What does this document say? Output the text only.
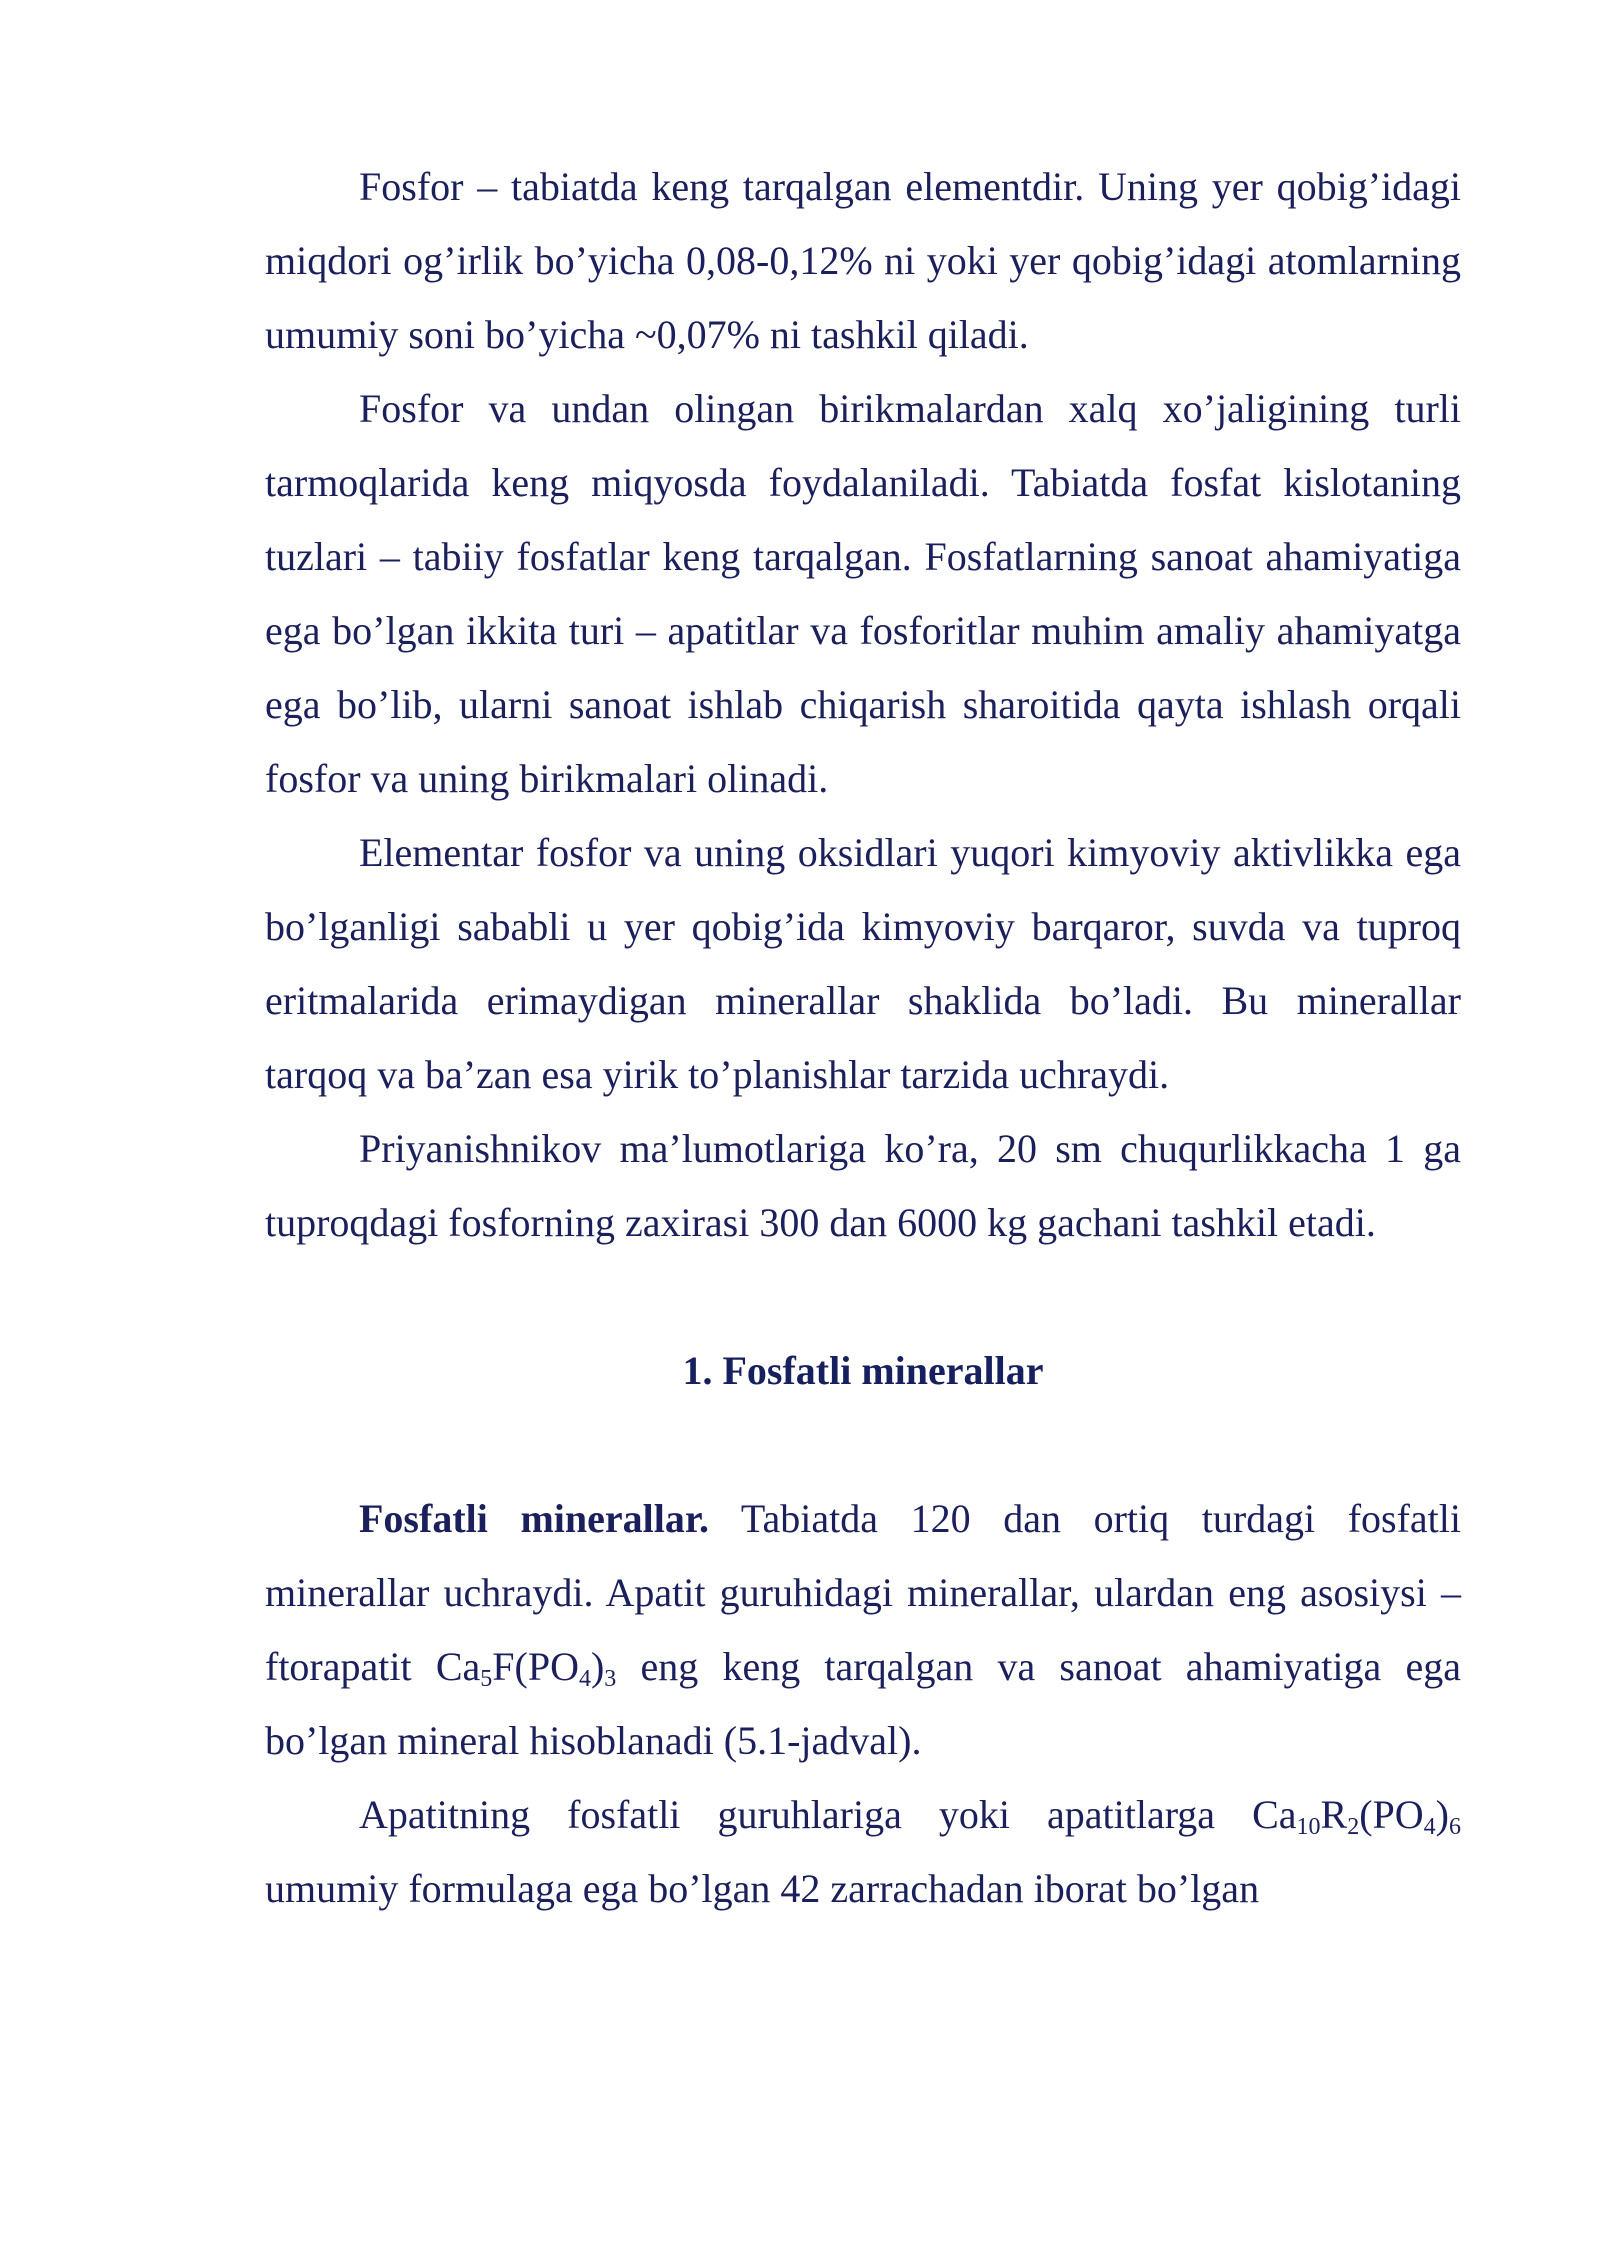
Fosfor – tabiatda keng tarqalgan elementdir. Uning yer qobig’idagi miqdori og’irlik bo’yicha 0,08-0,12% ni yoki yer qobig’idagi atomlarning umumiy soni bo’yicha ~0,07% ni tashkil qiladi.

Fosfor va undan olingan birikmalardan xalq xo’jaligining turli tarmoqlarida keng miqyosda foydalaniladi. Tabiatda fosfat kislotaning tuzlari – tabiiy fosfatlar keng tarqalgan. Fosfatlarning sanoat ahamiyatiga ega bo’lgan ikkita turi – apatitlar va fosforitlar muhim amaliy ahamiyatga ega bo’lib, ularni sanoat ishlab chiqarish sharoitida qayta ishlash orqali fosfor va uning birikmalari olinadi.

Elementar fosfor va uning oksidlari yuqori kimyoviy aktivlikka ega bo’lganligi sababli u yer qobig’ida kimyoviy barqaror, suvda va tuproq eritmalarida erimaydigan minerallar shaklida bo’ladi. Bu minerallar tarqoq va ba’zan esa yirik to’planishlar tarzida uchraydi.

Priyanishnikov ma’lumotlariga ko’ra, 20 sm chuqurlikkacha 1 ga tuproqdagi fosforning zaxirasi 300 dan 6000 kg gachani tashkil etadi.

1. Fosfatli minerallar

Fosfatli minerallar. Tabiatda 120 dan ortiq turdagi fosfatli minerallar uchraydi. Apatit guruhidagi minerallar, ulardan eng asosiysi – ftorapatit $Ca_5F(PO_4)_3$ eng keng tarqalgan va sanoat ahamiyatiga ega bo’lgan mineral hisoblanadi (5.1-jadval).

Apatitning fosfatli guruhlariga yoki apatitlarga $Ca_{10}R_2(PO_4)_6$ umumiy formulaga ega bo’lgan 42 zarrachadan iborat bo’lgan
